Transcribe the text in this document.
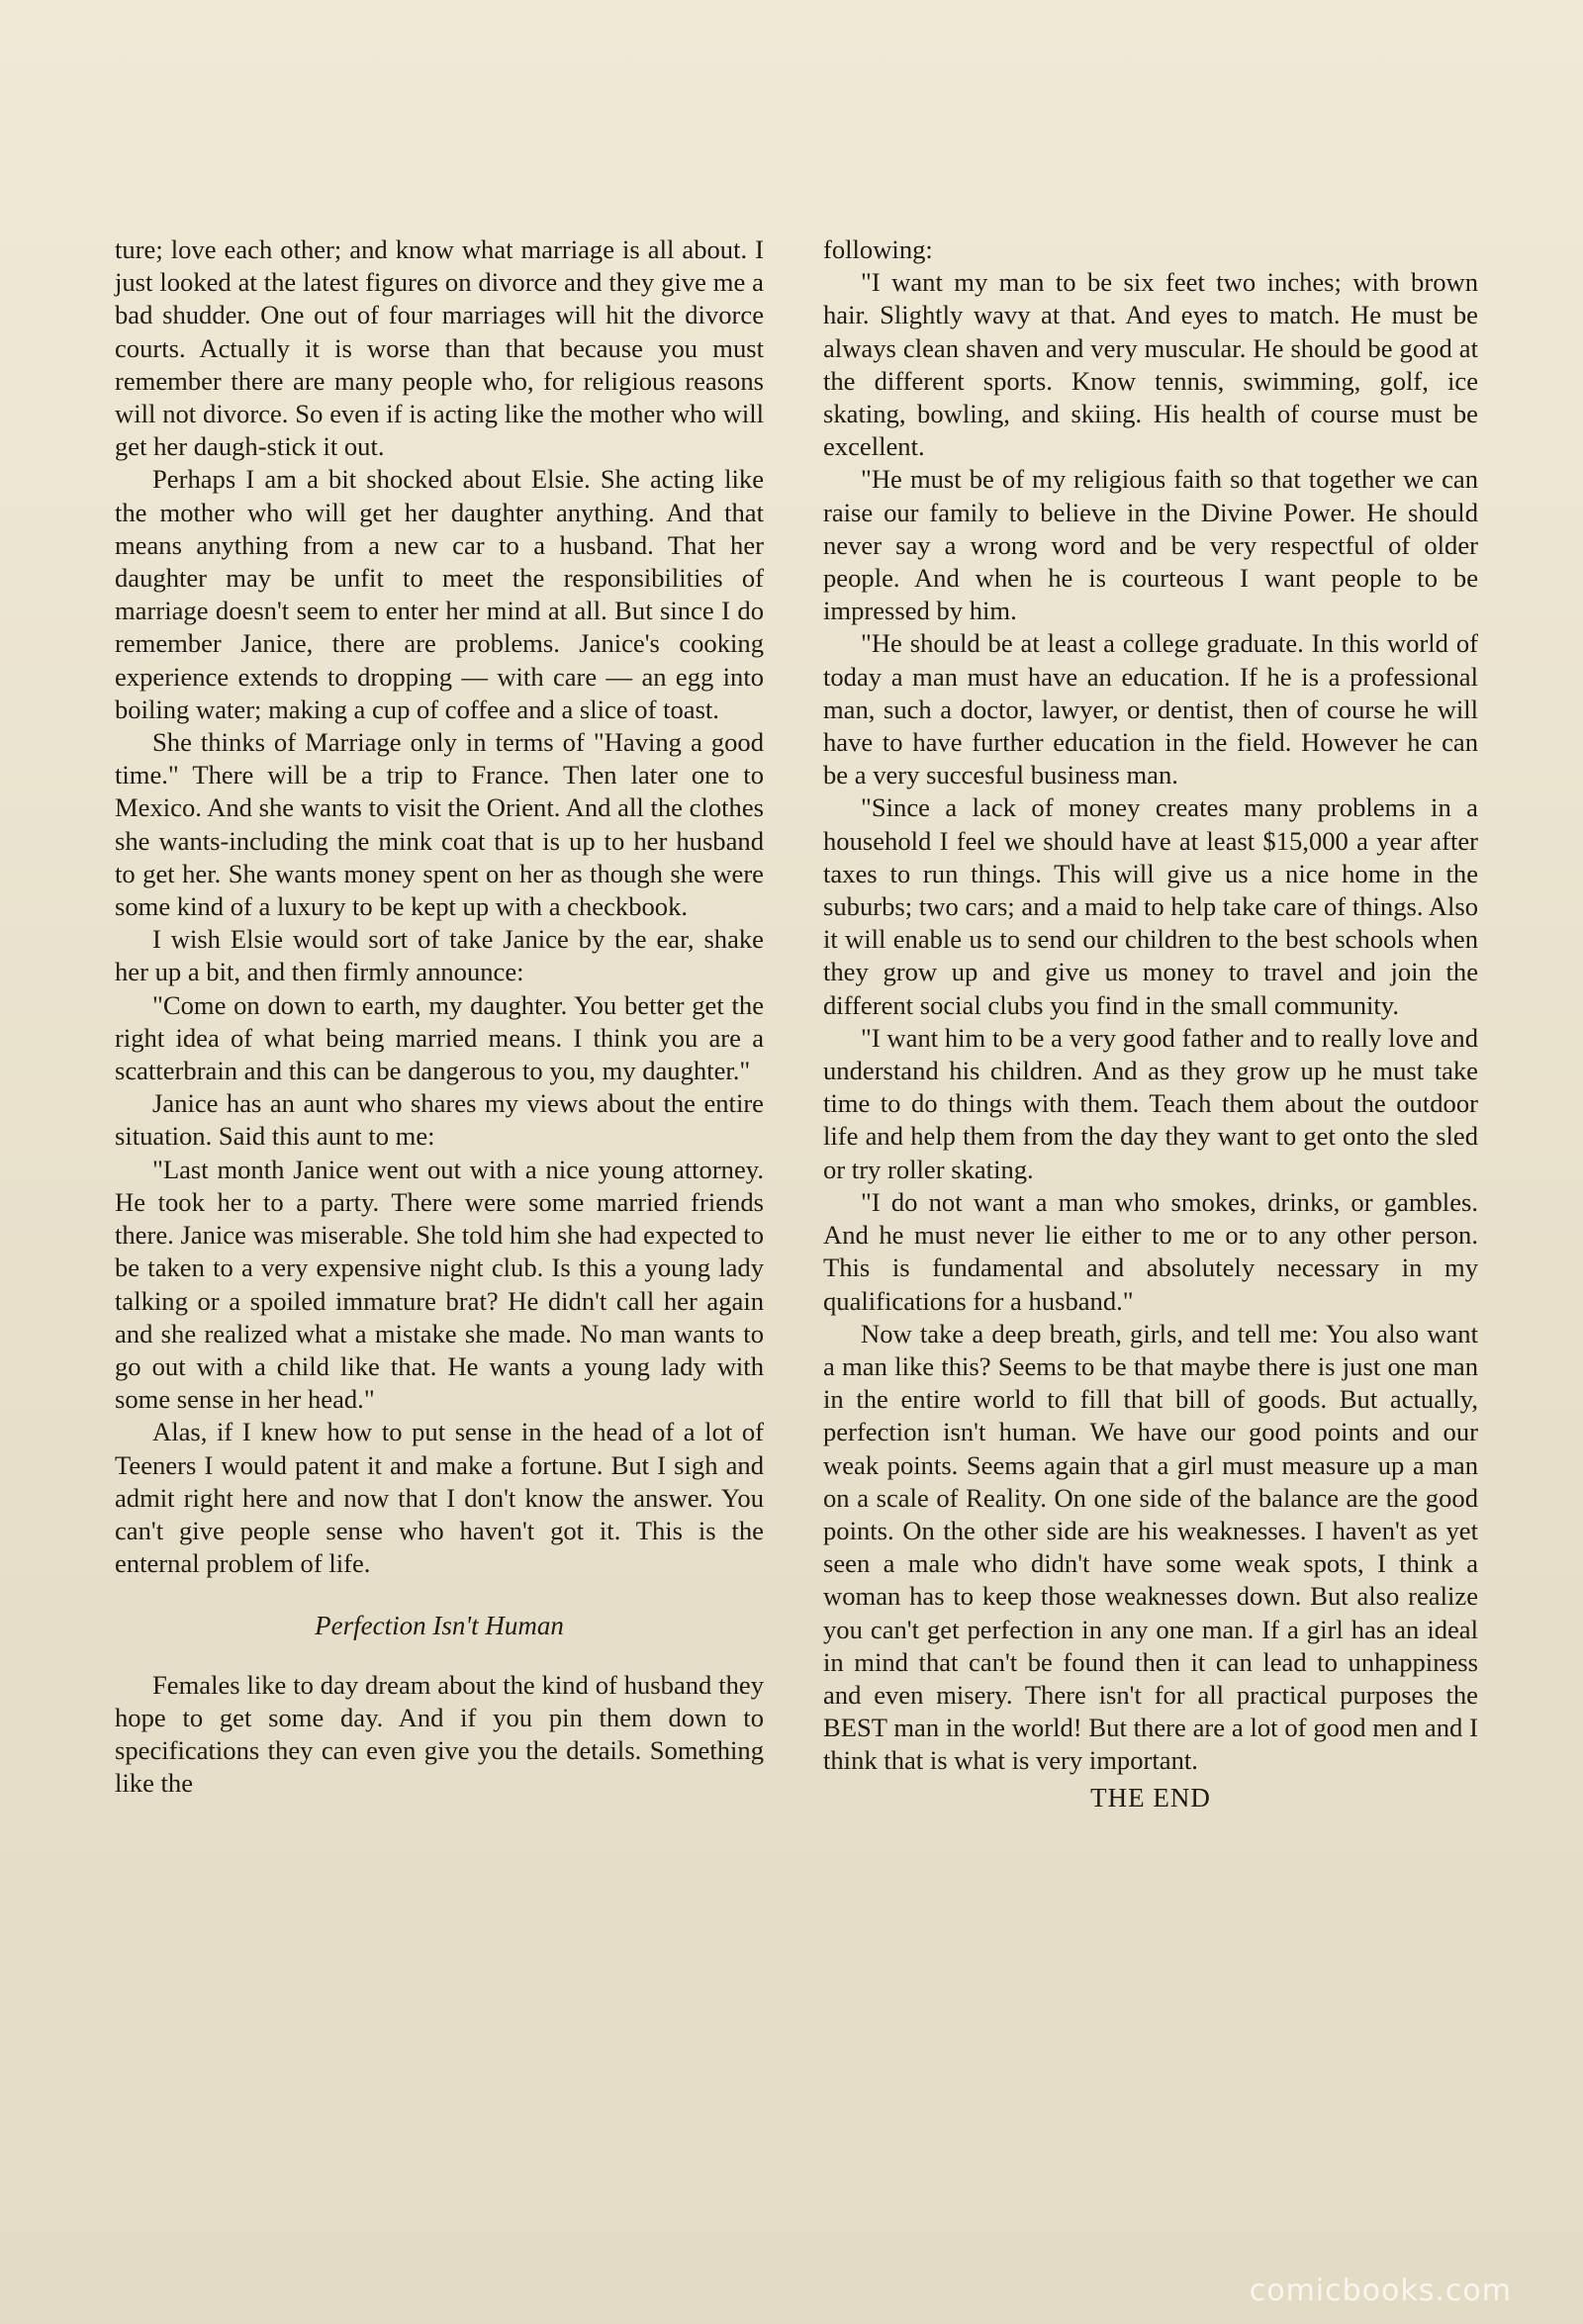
ture; love each other; and know what marriage is all about. I just looked at the latest figures on divorce and they give me a bad shudder. One out of four marriages will hit the divorce courts. Actually it is worse than that because you must remember there are many people who, for religious reasons will not divorce. So even if is acting like the mother who will get her daugh-stick it out.

Perhaps I am a bit shocked about Elsie. She acting like the mother who will get her daughter anything. And that means anything from a new car to a husband. That her daughter may be unfit to meet the responsibilities of marriage doesn't seem to enter her mind at all. But since I do remember Janice, there are problems. Janice's cooking experience extends to dropping — with care — an egg into boiling water; making a cup of coffee and a slice of toast.

She thinks of Marriage only in terms of "Having a good time." There will be a trip to France. Then later one to Mexico. And she wants to visit the Orient. And all the clothes she wants-including the mink coat that is up to her husband to get her. She wants money spent on her as though she were some kind of a luxury to be kept up with a checkbook.

I wish Elsie would sort of take Janice by the ear, shake her up a bit, and then firmly announce:

"Come on down to earth, my daughter. You better get the right idea of what being married means. I think you are a scatterbrain and this can be dangerous to you, my daughter."

Janice has an aunt who shares my views about the entire situation. Said this aunt to me:

"Last month Janice went out with a nice young attorney. He took her to a party. There were some married friends there. Janice was miserable. She told him she had expected to be taken to a very expensive night club. Is this a young lady talking or a spoiled immature brat? He didn't call her again and she realized what a mistake she made. No man wants to go out with a child like that. He wants a young lady with some sense in her head."

Alas, if I knew how to put sense in the head of a lot of Teeners I would patent it and make a fortune. But I sigh and admit right here and now that I don't know the answer. You can't give people sense who haven't got it. This is the enternal problem of life.

Perfection Isn't Human

Females like to day dream about the kind of husband they hope to get some day. And if you pin them down to specifications they can even give you the details. Something like the

following:

"I want my man to be six feet two inches; with brown hair. Slightly wavy at that. And eyes to match. He must be always clean shaven and very muscular. He should be good at the different sports. Know tennis, swimming, golf, ice skating, bowling, and skiing. His health of course must be excellent.

"He must be of my religious faith so that together we can raise our family to believe in the Divine Power. He should never say a wrong word and be very respectful of older people. And when he is courteous I want people to be impressed by him.

"He should be at least a college graduate. In this world of today a man must have an education. If he is a professional man, such a doctor, lawyer, or dentist, then of course he will have to have further education in the field. However he can be a very succesful business man.

"Since a lack of money creates many problems in a household I feel we should have at least $15,000 a year after taxes to run things. This will give us a nice home in the suburbs; two cars; and a maid to help take care of things. Also it will enable us to send our children to the best schools when they grow up and give us money to travel and join the different social clubs you find in the small community.

"I want him to be a very good father and to really love and understand his children. And as they grow up he must take time to do things with them. Teach them about the outdoor life and help them from the day they want to get onto the sled or try roller skating.

"I do not want a man who smokes, drinks, or gambles. And he must never lie either to me or to any other person. This is fundamental and absolutely necessary in my qualifications for a husband."

Now take a deep breath, girls, and tell me: You also want a man like this? Seems to be that maybe there is just one man in the entire world to fill that bill of goods. But actually, perfection isn't human. We have our good points and our weak points. Seems again that a girl must measure up a man on a scale of Reality. On one side of the balance are the good points. On the other side are his weaknesses. I haven't as yet seen a male who didn't have some weak spots, I think a woman has to keep those weaknesses down. But also realize you can't get perfection in any one man. If a girl has an ideal in mind that can't be found then it can lead to unhappiness and even misery. There isn't for all practical purposes the BEST man in the world! But there are a lot of good men and I think that is what is very important.

THE END

comicbooks.com
